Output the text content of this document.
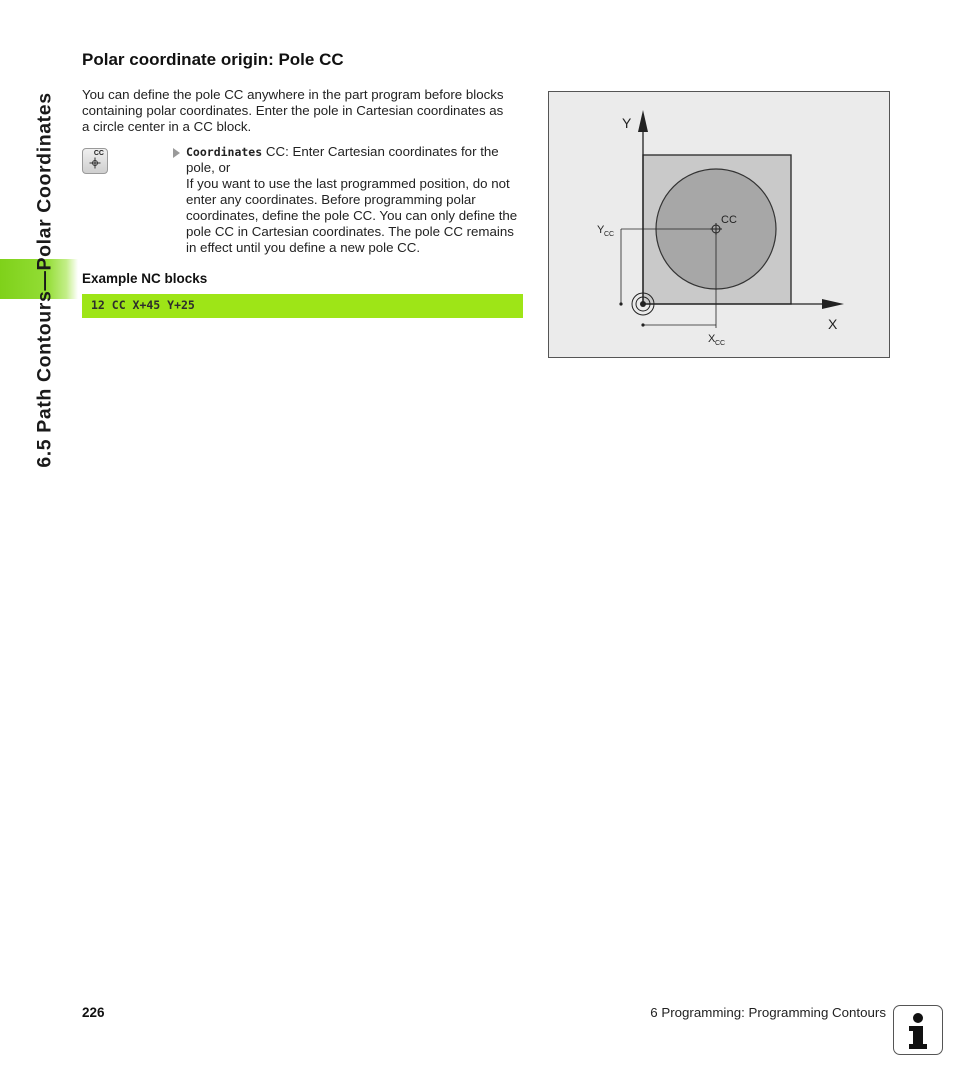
6.5 Path Contours—Polar Coordinates
Polar coordinate origin: Pole CC

You can define the pole CC anywhere in the part program before blocks containing polar coordinates. Enter the pole in Cartesian coordinates as a circle center in a CC block.

CC	Coordinates CC: Enter Cartesian coordinates for the pole, or
If you want to use the last programmed position, do not enter any coordinates. Before programming polar coordinates, define the pole CC. You can only define the pole CC in Cartesian coordinates. The pole CC remains in effect until you define a new pole CC.
Example NC blocks
12 CC X+45 Y+25
Y
X
CC
Y CC
X CC
226	6 Programming: Programming Contours
